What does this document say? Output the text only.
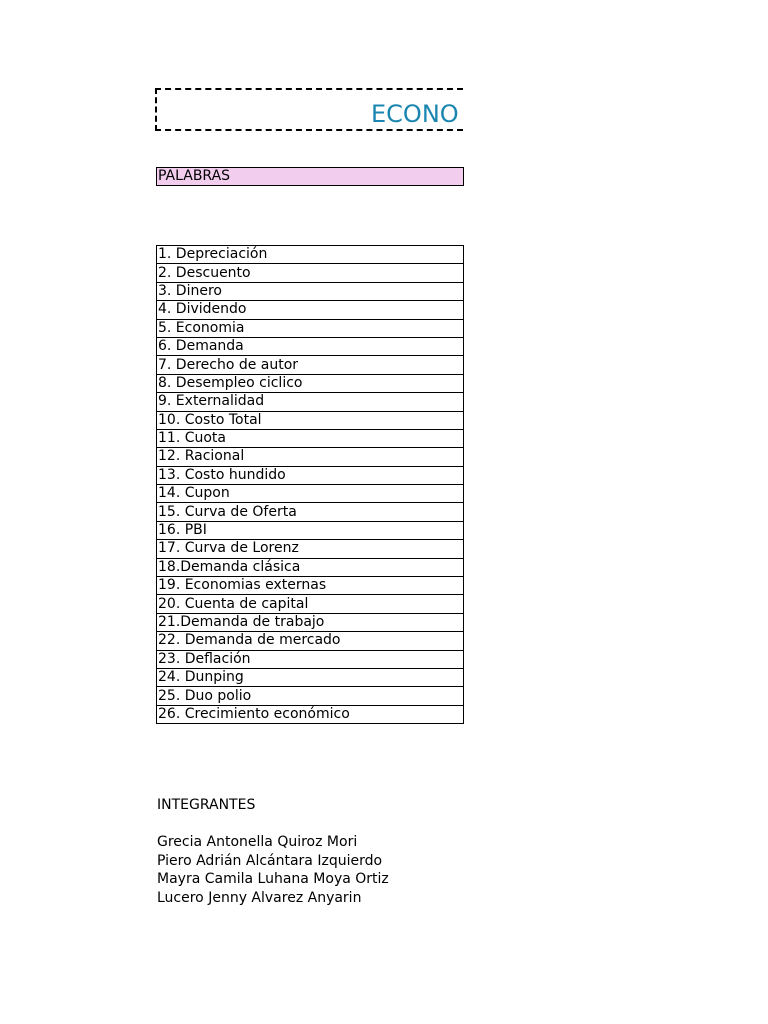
ECONO
PALABRAS
1. Depreciación
2. Descuento
3. Dinero
4. Dividendo
5. Economia
6. Demanda
7. Derecho de autor
8. Desempleo ciclico
9. Externalidad
10. Costo Total
11. Cuota
12. Racional
13. Costo hundido
14. Cupon
15. Curva de Oferta
16. PBI
17. Curva de Lorenz
18.Demanda clásica
19. Economias externas
20. Cuenta de capital
21.Demanda de trabajo
22. Demanda de mercado
23. Deflación
24. Dunping
25. Duo polio
26. Crecimiento económico
INTEGRANTES
Grecia Antonella Quiroz Mori
Piero Adrián Alcántara Izquierdo
Mayra Camila Luhana Moya Ortiz
Lucero Jenny Alvarez Anyarin
